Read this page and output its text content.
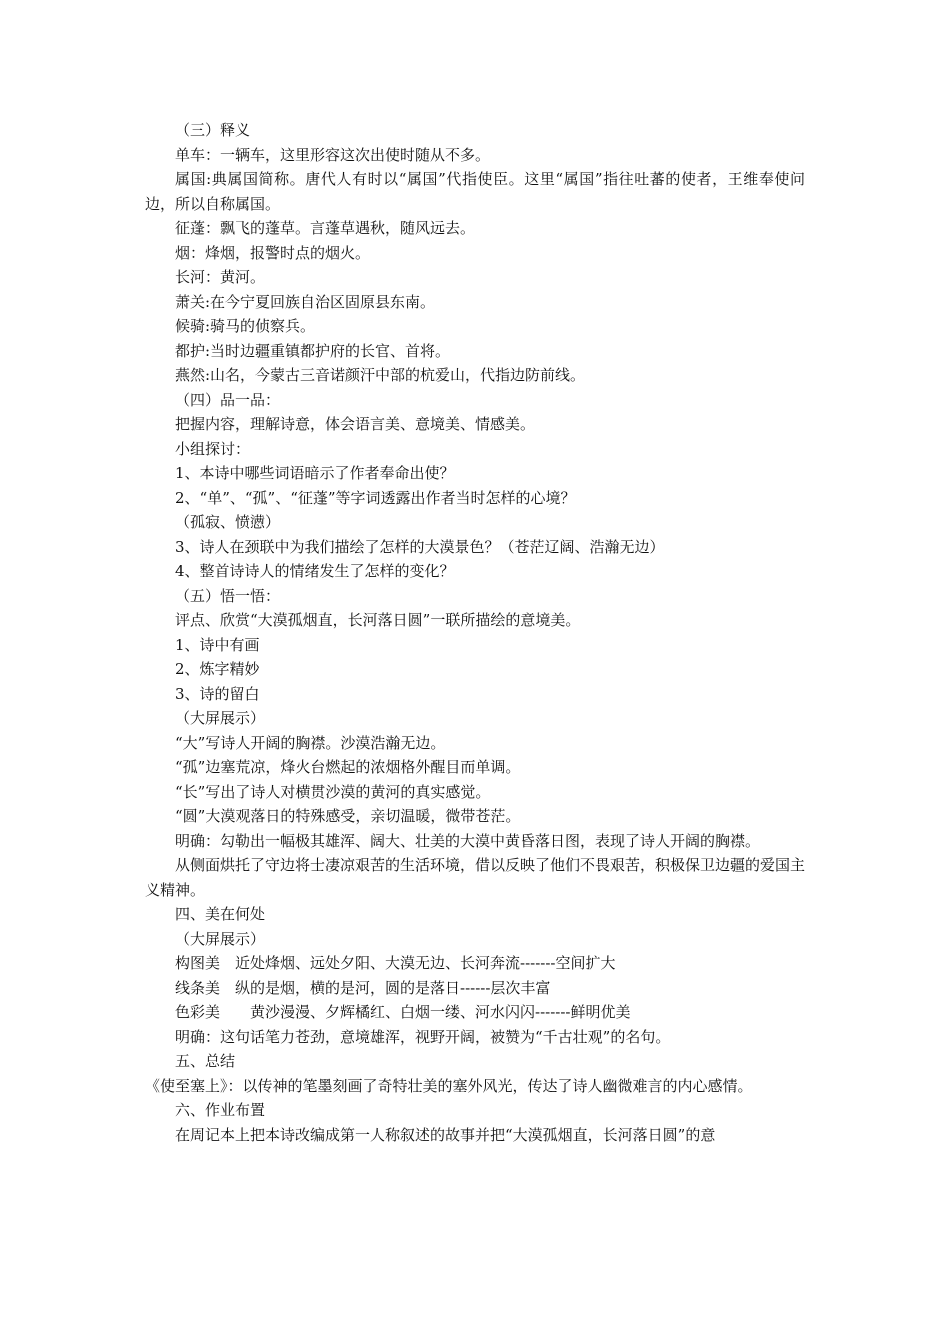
（三）释义

单车：一辆车，这里形容这次出使时随从不多。

属国:典属国简称。唐代人有时以“属国”代指使臣。这里“属国”指往吐蕃的使者，王维奉使问边，所以自称属国。

征蓬：飘飞的蓬草。言蓬草遇秋，随风远去。

烟：烽烟，报警时点的烟火。

长河：黄河。

萧关:在今宁夏回族自治区固原县东南。

候骑:骑马的侦察兵。

都护:当时边疆重镇都护府的长官、首将。

燕然:山名，今蒙古三音诺颜汗中部的杭爱山，代指边防前线。

（四）品一品：

把握内容，理解诗意，体会语言美、意境美、情感美。

小组探讨：

1、本诗中哪些词语暗示了作者奉命出使？

2、“单”、“孤”、“征蓬”等字词透露出作者当时怎样的心境？

（孤寂、愤懑）

3、诗人在颈联中为我们描绘了怎样的大漠景色？（苍茫辽阔、浩瀚无边）

4、整首诗诗人的情绪发生了怎样的变化？

（五）悟一悟：

评点、欣赏“大漠孤烟直，长河落日圆”一联所描绘的意境美。

1、诗中有画

2、炼字精妙

3、诗的留白

（大屏展示）

“大”写诗人开阔的胸襟。沙漠浩瀚无边。

“孤”边塞荒凉，烽火台燃起的浓烟格外醒目而单调。

“长”写出了诗人对横贯沙漠的黄河的真实感觉。

“圆”大漠观落日的特殊感受，亲切温暖，微带苍茫。

明确：勾勒出一幅极其雄浑、阔大、壮美的大漠中黄昏落日图，表现了诗人开阔的胸襟。

从侧面烘托了守边将士凄凉艰苦的生活环境，借以反映了他们不畏艰苦，积极保卫边疆的爱国主义精神。

四、美在何处

（大屏展示）

构图美　近处烽烟、远处夕阳、大漠无边、长河奔流-------空间扩大

线条美　纵的是烟，横的是河，圆的是落日------层次丰富

色彩美　　黄沙漫漫、夕辉橘红、白烟一缕、河水闪闪-------鲜明优美

明确：这句话笔力苍劲，意境雄浑，视野开阔，被赞为“千古壮观”的名句。

五、总结

《使至塞上》：以传神的笔墨刻画了奇特壮美的塞外风光，传达了诗人幽微难言的内心感情。

六、作业布置

在周记本上把本诗改编成第一人称叙述的故事并把“大漠孤烟直，长河落日圆”的意
